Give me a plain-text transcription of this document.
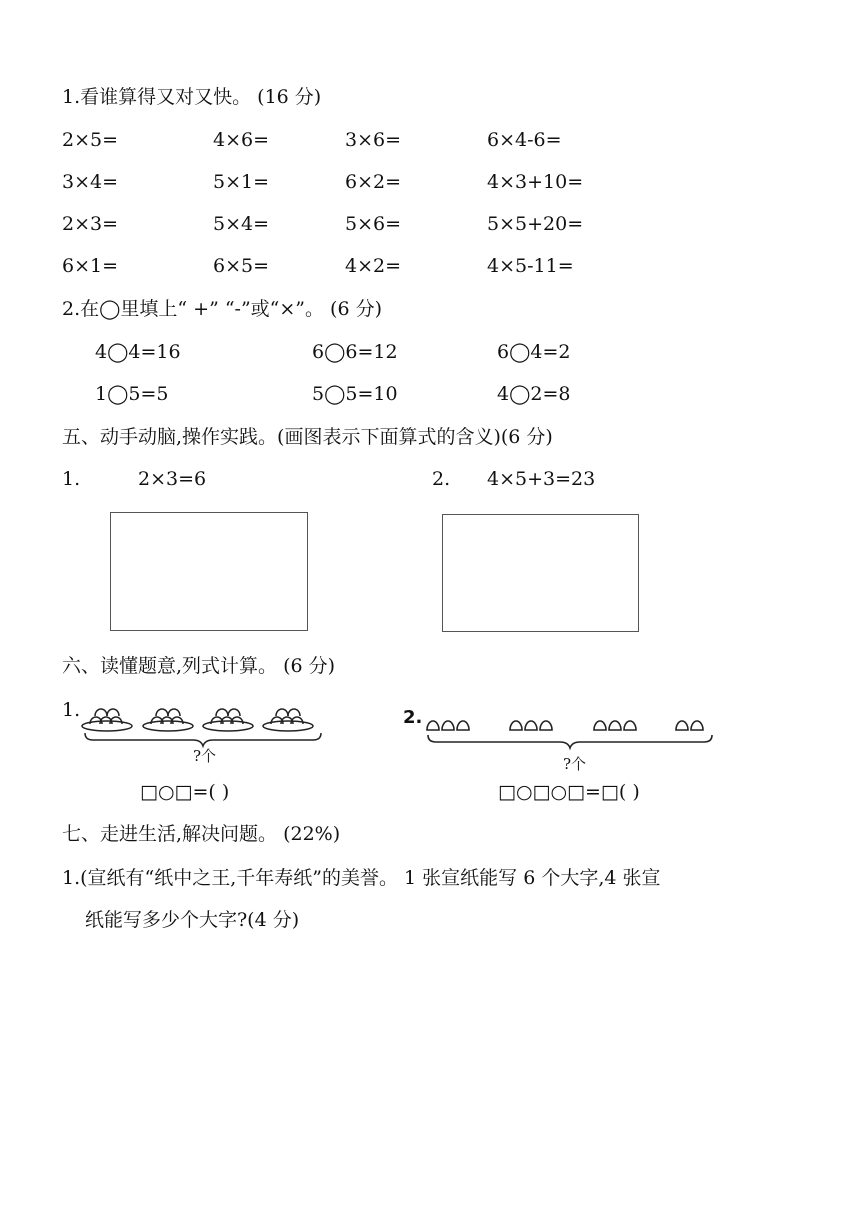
1.看谁算得又对又快。 (16 分)
2×5=	4×6=	3×6=	6×4-6=
3×4=	5×1=	6×2=	4×3+10=
2×3=	5×4=	5×6=	5×5+20=
6×1=	6×5=	4×2=	4×5-11=
2.在◯里填上“ +” “-”或“×”。 (6 分)
4◯4=16	6◯6=12	6◯4=2
1◯5=5	5◯5=10	4◯2=8
五、动手动脑,操作实践。(画图表示下面算式的含义)(6 分)
1.	2×3=6	2. 4×5+3=23
六、读懂题意,列式计算。 (6 分)
1.
?个
□○□=( )
2.
?个
□○□○□=□( )
七、走进生活,解决问题。 (22%)
1.(宣纸有“纸中之王,千年寿纸”的美誉。 1 张宣纸能写 6 个大字,4 张宣
纸能写多少个大字?(4 分)
